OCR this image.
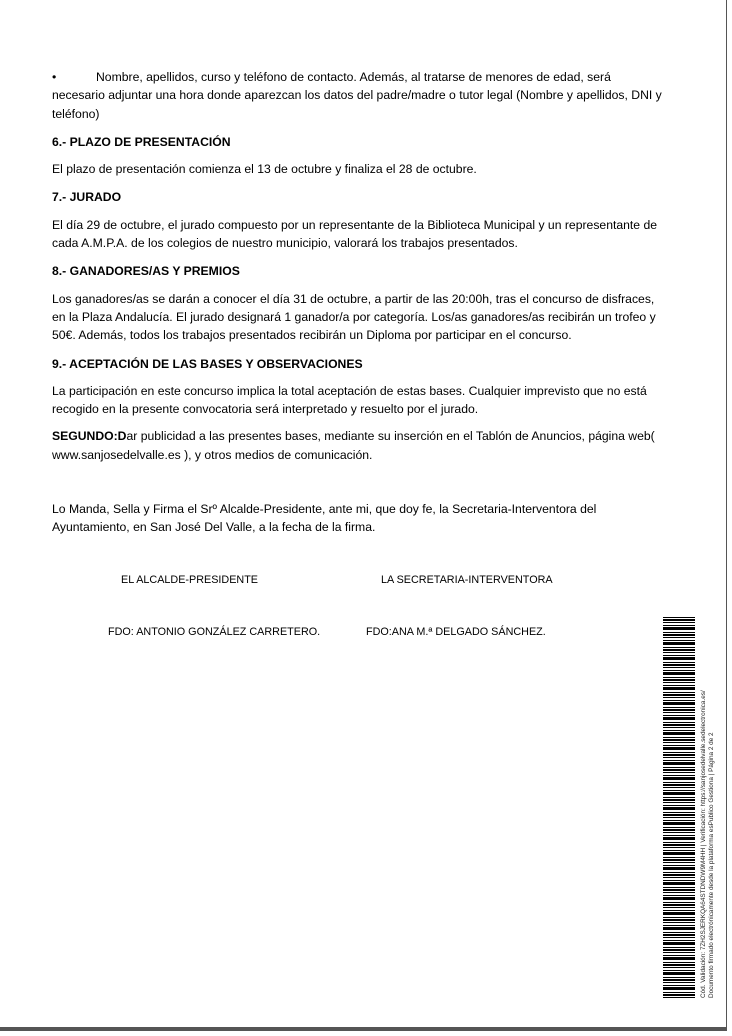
•	Nombre, apellidos, curso y teléfono de contacto. Además, al tratarse de menores de edad, será necesario adjuntar una hora donde aparezcan los datos del padre/madre o tutor legal (Nombre y apellidos, DNI y teléfono)

6.- PLAZO DE PRESENTACIÓN

El plazo de presentación comienza el 13 de octubre y finaliza el 28 de octubre.

7.- JURADO

El día 29 de octubre, el jurado compuesto por un representante de la Biblioteca Municipal y un representante de cada A.M.P.A. de los colegios de nuestro municipio, valorará los trabajos presentados.

8.- GANADORES/AS Y PREMIOS

Los ganadores/as se darán a conocer el día 31 de octubre, a partir de las 20:00h, tras el concurso de disfraces, en la Plaza Andalucía. El jurado designará 1 ganador/a por categoría. Los/as ganadores/as recibirán un trofeo y 50€. Además, todos los trabajos presentados recibirán un Diploma por participar en el concurso.

9.- ACEPTACIÓN DE LAS BASES Y OBSERVACIONES

La participación en este concurso implica la total aceptación de estas bases. Cualquier imprevisto que no está recogido en la presente convocatoria será interpretado y resuelto por el jurado.

SEGUNDO:Dar publicidad a las presentes bases, mediante su inserción en el Tablón de Anuncios, página web( www.sanjosedelvalle.es ), y otros medios de comunicación.

Lo Manda, Sella y Firma el Srº Alcalde-Presidente, ante mi, que doy fe, la Secretaria-Interventora del Ayuntamiento, en San José Del Valle, a la fecha de la firma.

EL ALCALDE-PRESIDENTE	LA SECRETARIA-INTERVENTORA
FDO: ANTONIO GONZÁLEZ CARRETERO.	FDO:ANA M.ª DELGADO SÁNCHEZ.
Cód. Validación: 7ZH2SJERKQA64STDNDW9M4HH | Verificación: https://sanjosedelvalle.sedelectronica.es/ Documento firmado electrónicamente desde la plataforma esPublico Gestiona | Página 2 de 2
